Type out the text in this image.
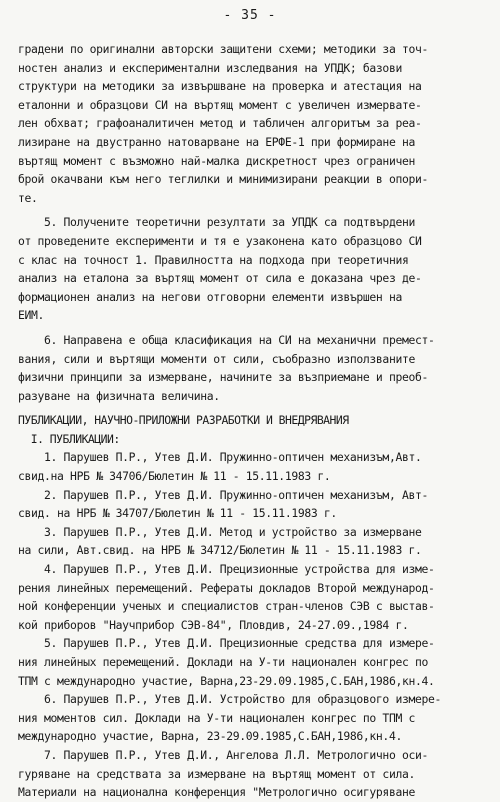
- 35 -
градени по оригинални авторски защитени схеми; методики за точ-
ностен анализ и експериментални изследвания на УПДК; базови
структури на методики за извършване на проверка и атестация на
еталонни и образцови СИ на въртящ момент с увеличен измервате-
лен обхват; графоаналитичен метод и табличен алгоритъм за реа-
лизиране на двустранно натоварване на ЕРФЕ-1 при формиране на
въртящ момент с възможно най-малка дискретност чрез ограничен
брой окачвани към него теглилки и минимизирани реакции в опори-
те.
5. Получените теоретични резултати за УПДК са подтвърдени
от проведените експерименти и тя е узаконена като образцово СИ
с клас на точност 1. Правилността на подхода при теоретичния
анализ на еталона за въртящ момент от сила е доказана чрез де-
формационен анализ на негови отговорни елементи извършен на
ЕИМ.
6. Направена е обща класификация на СИ на механични премест-
вания, сили и въртящи моменти от сили, съобразно използваните
физични принципи за измерване, начините за възприемане и преоб-
разуване на физичната величина.
ПУБЛИКАЦИИ, НАУЧНО-ПРИЛОЖНИ РАЗРАБОТКИ И ВНЕДРЯВАНИЯ
I. ПУБЛИКАЦИИ:
1. Парушев П.Р., Утев Д.И. Пружинно-оптичен механизъм,Авт.
свид.на НРБ № 34706/Бюлетин № 11 - 15.11.1983 г.
2. Парушев П.Р., Утев Д.И. Пружинно-оптичен механизъм, Авт-
свид. на НРБ № 34707/Бюлетин № 11 - 15.11.1983 г.
3. Парушев П.Р., Утев Д.И. Метод и устройство за измерване
на сили, Авт.свид. на НРБ № 34712/Бюлетин № 11 - 15.11.1983 г.
4. Парушев П.Р., Утев Д.И. Прецизионные устройства для изме-
рения линейных перемещений. Рефераты докладов Второй международ-
ной конференции ученых и специалистов стран-членов СЭВ с выстав-
кой приборов "Научприбор СЭВ-84", Пловдив, 24-27.09.,1984 г.
5. Парушев П.Р., Утев Д.И. Прецизионные средства для измере-
ния линейных перемещений. Доклади на У-ти национален конгрес по
ТПМ с международно участие, Варна,23-29.09.1985,С.БАН,1986,кн.4.
6. Парушев П.Р., Утев Д.И. Устройство для образцового измере-
ния моментов сил. Доклади на У-ти национален конгрес по ТПМ с
международно участие, Варна, 23-29.09.1985,С.БАН,1986,кн.4.
7. Парушев П.Р., Утев Д.И., Ангелова Л.Л. Метрологично оси-
гуряване на средствата за измерване на въртящ момент от сила.
Материали на национална конференция "Метрологично осигуряване
